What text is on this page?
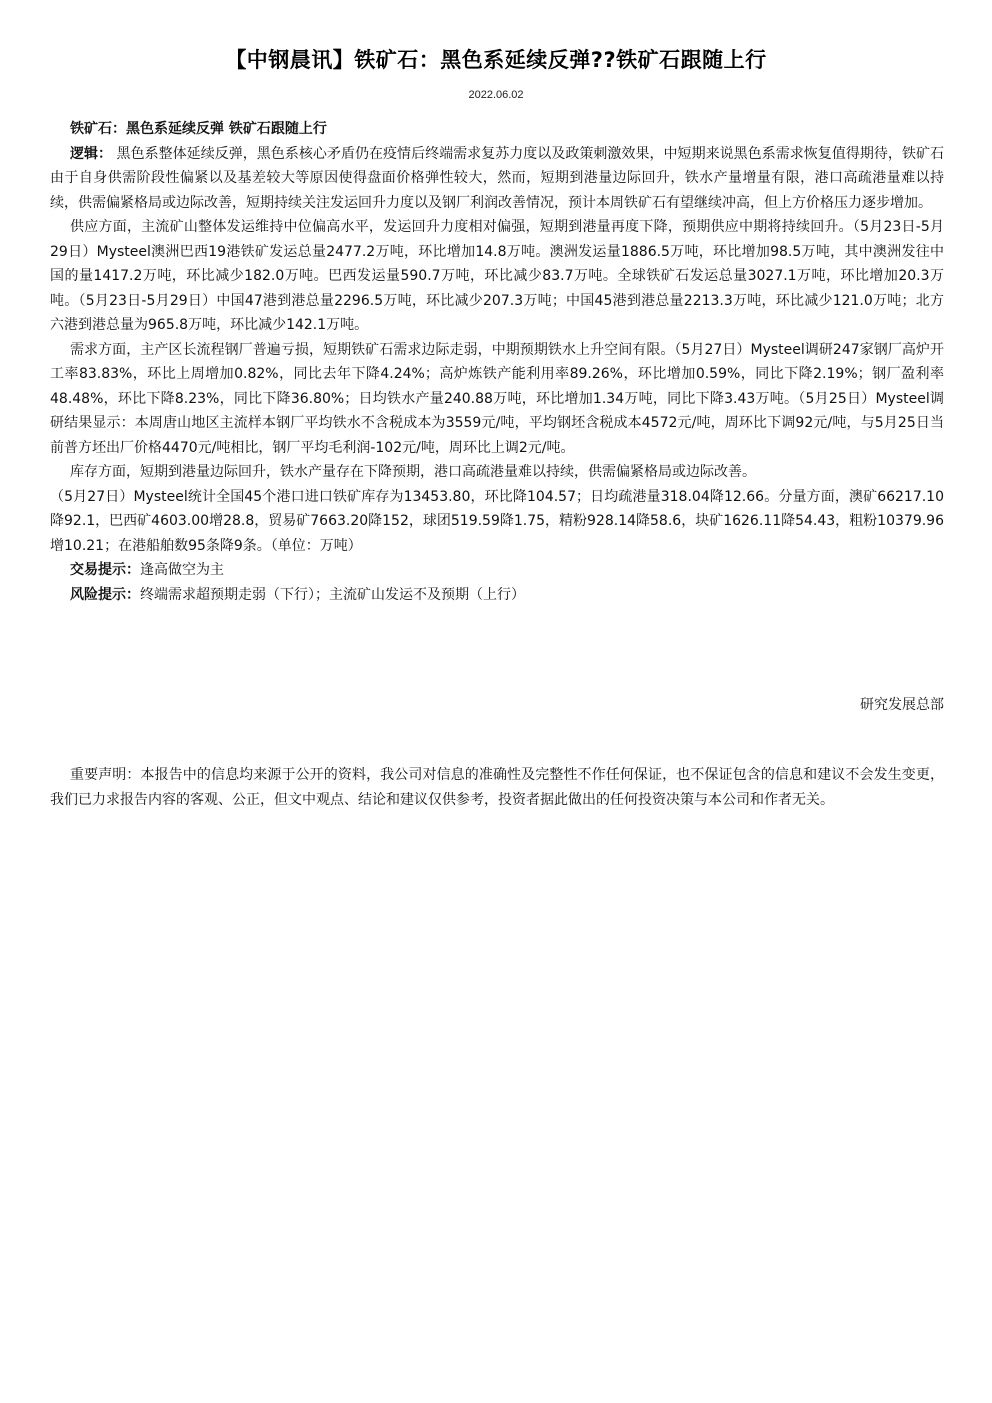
【中钢晨讯】铁矿石：黑色系延续反弹??铁矿石跟随上行
2022.06.02

铁矿石：黑色系延续反弹 铁矿石跟随上行

逻辑： 黑色系整体延续反弹，黑色系核心矛盾仍在疫情后终端需求复苏力度以及政策刺激效果，中短期来说黑色系需求恢复值得期待，铁矿石由于自身供需阶段性偏紧以及基差较大等原因使得盘面价格弹性较大，然而，短期到港量边际回升，铁水产量增量有限，港口高疏港量难以持续，供需偏紧格局或边际改善，短期持续关注发运回升力度以及钢厂利润改善情况，预计本周铁矿石有望继续冲高，但上方价格压力逐步增加。

供应方面，主流矿山整体发运维持中位偏高水平，发运回升力度相对偏强，短期到港量再度下降，预期供应中期将持续回升。（5月23日-5月29日）Mysteel澳洲巴西19港铁矿发运总量2477.2万吨，环比增加14.8万吨。澳洲发运量1886.5万吨，环比增加98.5万吨，其中澳洲发往中国的量1417.2万吨，环比减少182.0万吨。巴西发运量590.7万吨，环比减少83.7万吨。全球铁矿石发运总量3027.1万吨，环比增加20.3万吨。（5月23日-5月29日）中国47港到港总量2296.5万吨，环比减少207.3万吨；中国45港到港总量2213.3万吨，环比减少121.0万吨；北方六港到港总量为965.8万吨，环比减少142.1万吨。

需求方面，主产区长流程钢厂普遍亏损，短期铁矿石需求边际走弱，中期预期铁水上升空间有限。（5月27日）Mysteel调研247家钢厂高炉开工率83.83%，环比上周增加0.82%，同比去年下降4.24%；高炉炼铁产能利用率89.26%，环比增加0.59%，同比下降2.19%；钢厂盈利率48.48%，环比下降8.23%，同比下降36.80%；日均铁水产量240.88万吨，环比增加1.34万吨，同比下降3.43万吨。（5月25日）Mysteel调研结果显示：本周唐山地区主流样本钢厂平均铁水不含税成本为3559元/吨，平均钢坯含税成本4572元/吨，周环比下调92元/吨，与5月25日当前普方坯出厂价格4470元/吨相比，钢厂平均毛利润-102元/吨，周环比上调2元/吨。

库存方面，短期到港量边际回升，铁水产量存在下降预期，港口高疏港量难以持续，供需偏紧格局或边际改善。

（5月27日）Mysteel统计全国45个港口进口铁矿库存为13453.80，环比降104.57；日均疏港量318.04降12.66。分量方面，澳矿66217.10降92.1，巴西矿4603.00增28.8，贸易矿7663.20降152，球团519.59降1.75，精粉928.14降58.6，块矿1626.11降54.43，粗粉10379.96增10.21；在港船舶数95条降9条。（单位：万吨）

交易提示：逢高做空为主

风险提示：终端需求超预期走弱（下行）；主流矿山发运不及预期（上行）

研究发展总部
重要声明：本报告中的信息均来源于公开的资料，我公司对信息的准确性及完整性不作任何保证，也不保证包含的信息和建议不会发生变更，我们已力求报告内容的客观、公正，但文中观点、结论和建议仅供参考，投资者据此做出的任何投资决策与本公司和作者无关。
